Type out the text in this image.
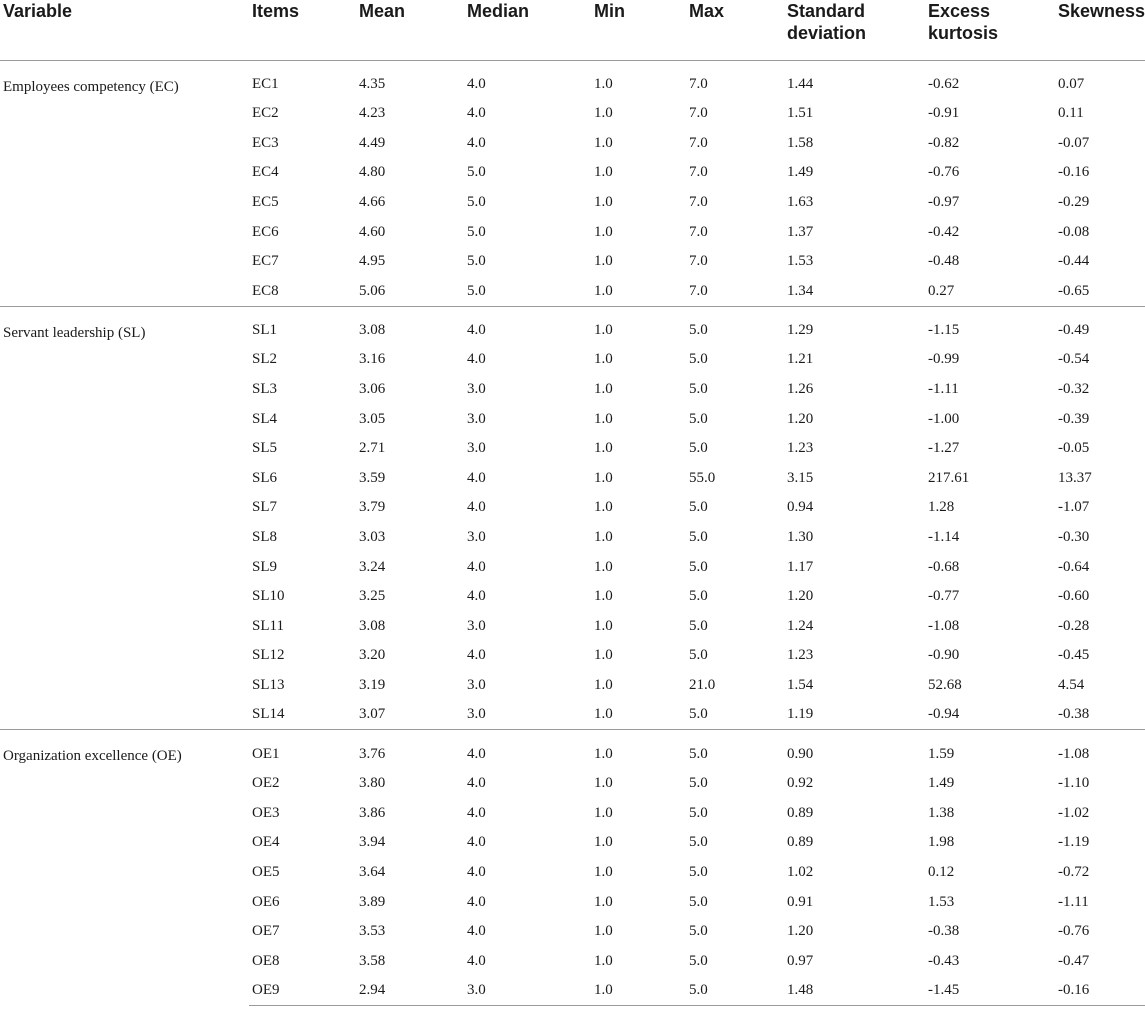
Variable	Items	Mean	Median	Min	Max	Standard deviation	Excess kurtosis	Skewness
Employees competency (EC)	EC1	4.35	4.0	1.0	7.0	1.44	-0.62	0.07
	EC2	4.23	4.0	1.0	7.0	1.51	-0.91	0.11
	EC3	4.49	4.0	1.0	7.0	1.58	-0.82	-0.07
	EC4	4.80	5.0	1.0	7.0	1.49	-0.76	-0.16
	EC5	4.66	5.0	1.0	7.0	1.63	-0.97	-0.29
	EC6	4.60	5.0	1.0	7.0	1.37	-0.42	-0.08
	EC7	4.95	5.0	1.0	7.0	1.53	-0.48	-0.44
	EC8	5.06	5.0	1.0	7.0	1.34	0.27	-0.65
Servant leadership (SL)	SL1	3.08	4.0	1.0	5.0	1.29	-1.15	-0.49
	SL2	3.16	4.0	1.0	5.0	1.21	-0.99	-0.54
	SL3	3.06	3.0	1.0	5.0	1.26	-1.11	-0.32
	SL4	3.05	3.0	1.0	5.0	1.20	-1.00	-0.39
	SL5	2.71	3.0	1.0	5.0	1.23	-1.27	-0.05
	SL6	3.59	4.0	1.0	55.0	3.15	217.61	13.37
	SL7	3.79	4.0	1.0	5.0	0.94	1.28	-1.07
	SL8	3.03	3.0	1.0	5.0	1.30	-1.14	-0.30
	SL9	3.24	4.0	1.0	5.0	1.17	-0.68	-0.64
	SL10	3.25	4.0	1.0	5.0	1.20	-0.77	-0.60
	SL11	3.08	3.0	1.0	5.0	1.24	-1.08	-0.28
	SL12	3.20	4.0	1.0	5.0	1.23	-0.90	-0.45
	SL13	3.19	3.0	1.0	21.0	1.54	52.68	4.54
	SL14	3.07	3.0	1.0	5.0	1.19	-0.94	-0.38
Organization excellence (OE)	OE1	3.76	4.0	1.0	5.0	0.90	1.59	-1.08
	OE2	3.80	4.0	1.0	5.0	0.92	1.49	-1.10
	OE3	3.86	4.0	1.0	5.0	0.89	1.38	-1.02
	OE4	3.94	4.0	1.0	5.0	0.89	1.98	-1.19
	OE5	3.64	4.0	1.0	5.0	1.02	0.12	-0.72
	OE6	3.89	4.0	1.0	5.0	0.91	1.53	-1.11
	OE7	3.53	4.0	1.0	5.0	1.20	-0.38	-0.76
	OE8	3.58	4.0	1.0	5.0	0.97	-0.43	-0.47
	OE9	2.94	3.0	1.0	5.0	1.48	-1.45	-0.16
